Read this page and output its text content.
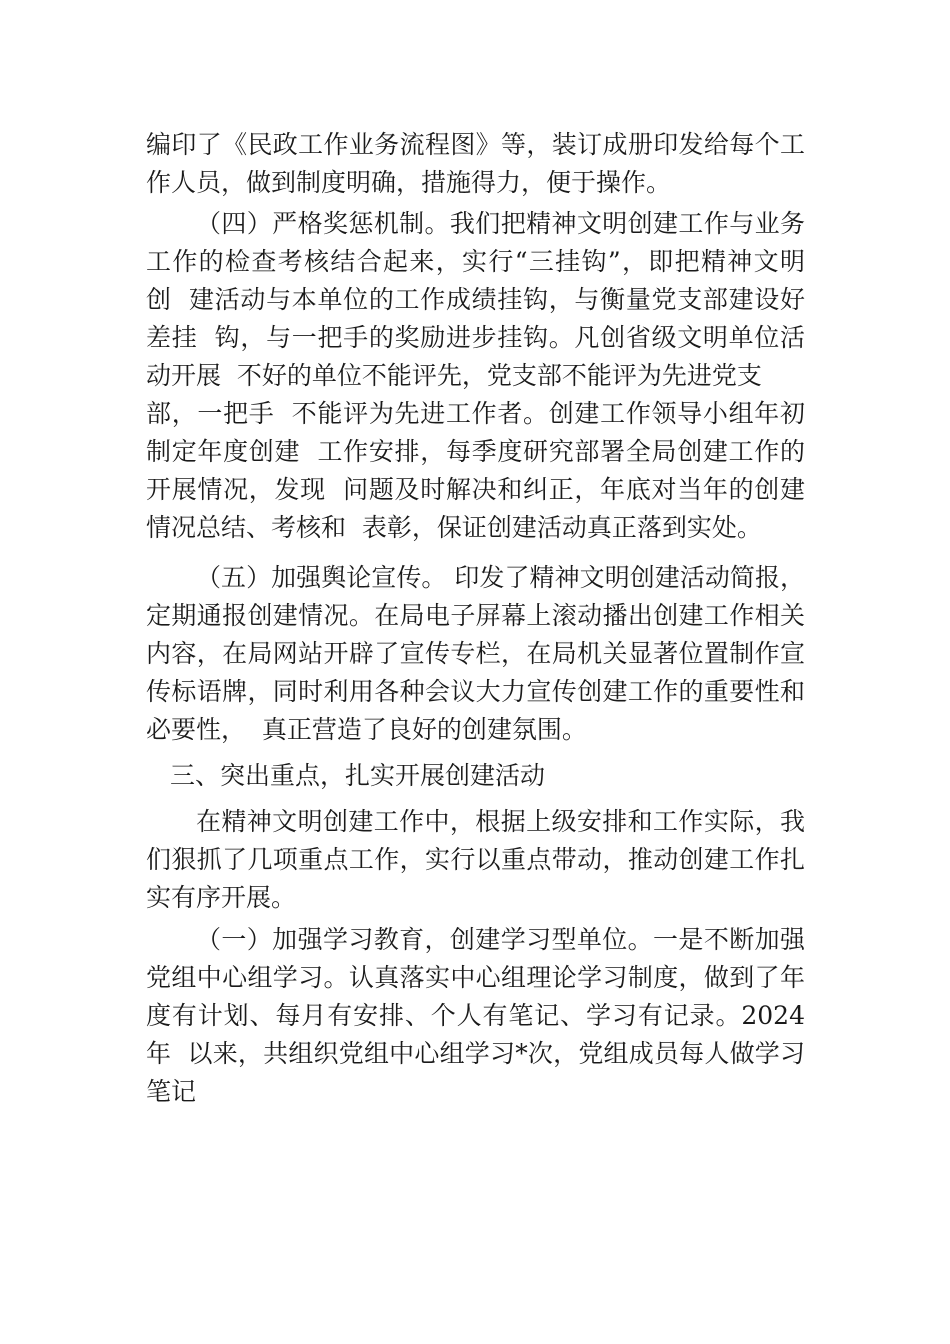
编印了《民政工作业务流程图》等，装订成册印发给每个工
作人员，做到制度明确，措施得力，便于操作。
（四）严格奖惩机制。我们把精神文明创建工作与业务
工作的检查考核结合起来，实行“三挂钩”，即把精神文明
创  建活动与本单位的工作成绩挂钩，与衡量党支部建设好
差挂  钩，与一把手的奖励进步挂钩。凡创省级文明单位活
动开展  不好的单位不能评先，党支部不能评为先进党支
部，一把手  不能评为先进工作者。创建工作领导小组年初
制定年度创建  工作安排，每季度研究部署全局创建工作的
开展情况，发现  问题及时解决和纠正，年底对当年的创建
情况总结、考核和  表彰，保证创建活动真正落到实处。
（五）加强舆论宣传。 印发了精神文明创建活动简报，
定期通报创建情况。在局电子屏幕上滚动播出创建工作相关
内容，在局网站开辟了宣传专栏，在局机关显著位置制作宣
传标语牌，同时利用各种会议大力宣传创建工作的重要性和
必要性，  真正营造了良好的创建氛围。
三、突出重点，扎实开展创建活动
在精神文明创建工作中，根据上级安排和工作实际，我
们狠抓了几项重点工作，实行以重点带动，推动创建工作扎
实有序开展。
（一）加强学习教育，创建学习型单位。一是不断加强
党组中心组学习。认真落实中心组理论学习制度，做到了年
度有计划、每月有安排、个人有笔记、学习有记录。2024
年  以来，共组织党组中心组学习*次，党组成员每人做学习
笔记
